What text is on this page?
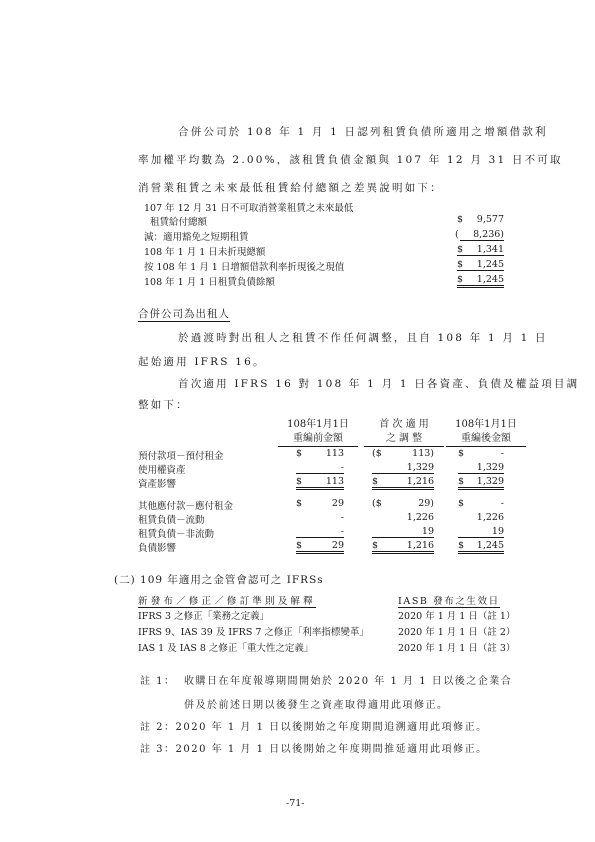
合併公司於 108 年 1 月 1 日認列租賃負債所適用之增額借款利
率加權平均數為 2.00%，該租賃負債金額與 107 年 12 月 31 日不可取
消營業租賃之未來最低租賃給付總額之差異說明如下：
107 年 12 月 31 日不可取消營業租賃之未來最低
租賃給付總額	$	9,577
減：適用豁免之短期租賃	(	8,236)
108 年 1 月 1 日未折現總額	$	1,341
按 108 年 1 月 1 日增額借款利率折現後之現值	$	1,245
108 年 1 月 1 日租賃負債餘額	$	1,245
合併公司為出租人
於過渡時對出租人之租賃不作任何調整，且自 108 年 1 月 1 日
起始適用 IFRS 16。
首次適用 IFRS 16 對 108 年 1 月 1 日各資產、負債及權益項目調
整如下：
108年1月1日
重編前金額
首 次 適 用
之 調 整
108年1月1日
重編後金額
預付款項－預付租金	$	113	($	113)	$	-
使用權資產	-	1,329	1,329
資產影響	$	113	$	1,216	$	1,329
其他應付款－應付租金	$	29	($	29)	$	-
租賃負債－流動	-	1,226	1,226
租賃負債－非流動	-	19	19
負債影響	$	29	$	1,216	$	1,245
(二) 109 年適用之金管會認可之 IFRSs
新發布／修正／修訂準則及解釋	IASB 發布之生效日
IFRS 3 之修正「業務之定義」	2020 年 1 月 1 日（註 1）
IFRS 9、IAS 39 及 IFRS 7 之修正「利率指標變革」	2020 年 1 月 1 日（註 2）
IAS 1 及 IAS 8 之修正「重大性之定義」	2020 年 1 月 1 日（註 3）
註 1： 收購日在年度報導期間開始於 2020 年 1 月 1 日以後之企業合
併及於前述日期以後發生之資產取得適用此項修正。
註 2：2020 年 1 月 1 日以後開始之年度期間追溯適用此項修正。
註 3：2020 年 1 月 1 日以後開始之年度期間推延適用此項修正。
-71-
